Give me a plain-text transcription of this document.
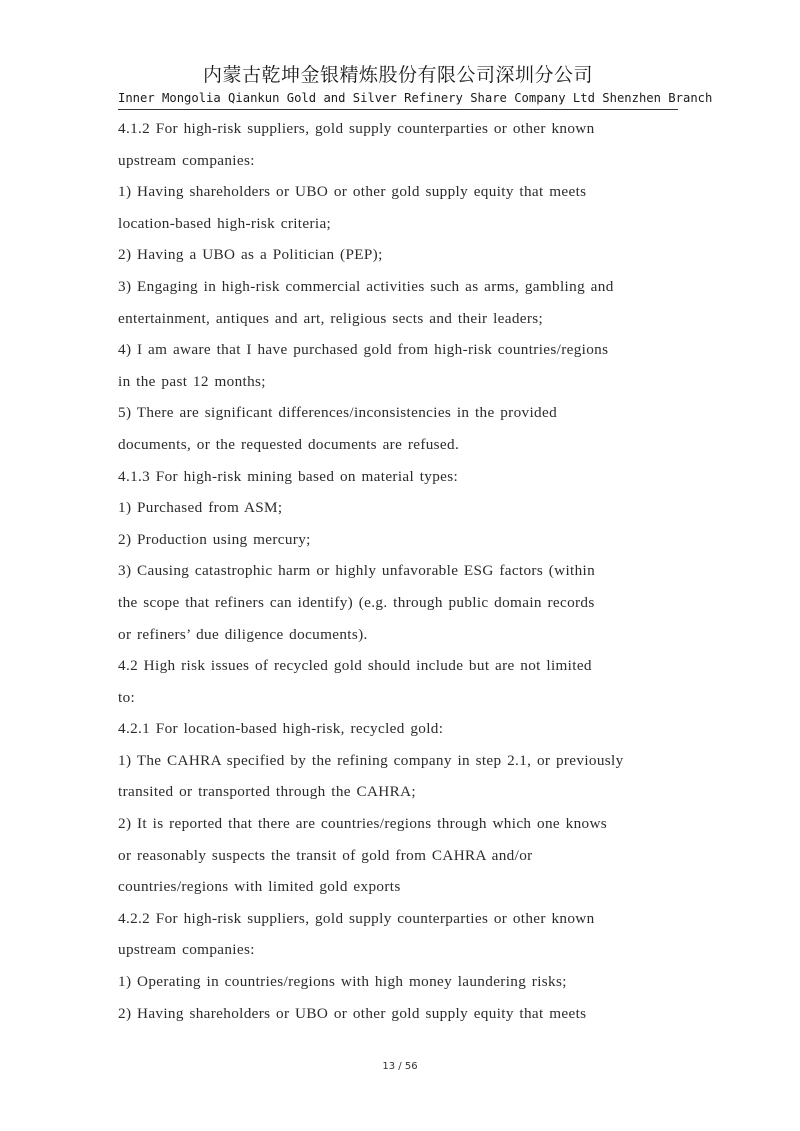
内蒙古乾坤金银精炼股份有限公司深圳分公司
Inner Mongolia Qiankun Gold and Silver Refinery Share Company Ltd Shenzhen Branch
4.1.2 For high-risk suppliers, gold supply counterparties or other known
upstream companies:
1) Having shareholders or UBO or other gold supply equity that meets
location-based high-risk criteria;
2) Having a UBO as a Politician (PEP);
3) Engaging in high-risk commercial activities such as arms, gambling and
entertainment, antiques and art, religious sects and their leaders;
4) I am aware that I have purchased gold from high-risk countries/regions
in the past 12 months;
5) There are significant differences/inconsistencies in the provided
documents, or the requested documents are refused.
4.1.3 For high-risk mining based on material types:
1) Purchased from ASM;
2) Production using mercury;
3) Causing catastrophic harm or highly unfavorable ESG factors (within
the scope that refiners can identify) (e.g. through public domain records
or refiners’ due diligence documents).
4.2 High risk issues of recycled gold should include but are not limited
to:
4.2.1 For location-based high-risk, recycled gold:
1) The CAHRA specified by the refining company in step 2.1, or previously
transited or transported through the CAHRA;
2) It is reported that there are countries/regions through which one knows
or reasonably suspects the transit of gold from CAHRA and/or
countries/regions with limited gold exports
4.2.2 For high-risk suppliers, gold supply counterparties or other known
upstream companies:
1) Operating in countries/regions with high money laundering risks;
2) Having shareholders or UBO or other gold supply equity that meets
13 / 56
